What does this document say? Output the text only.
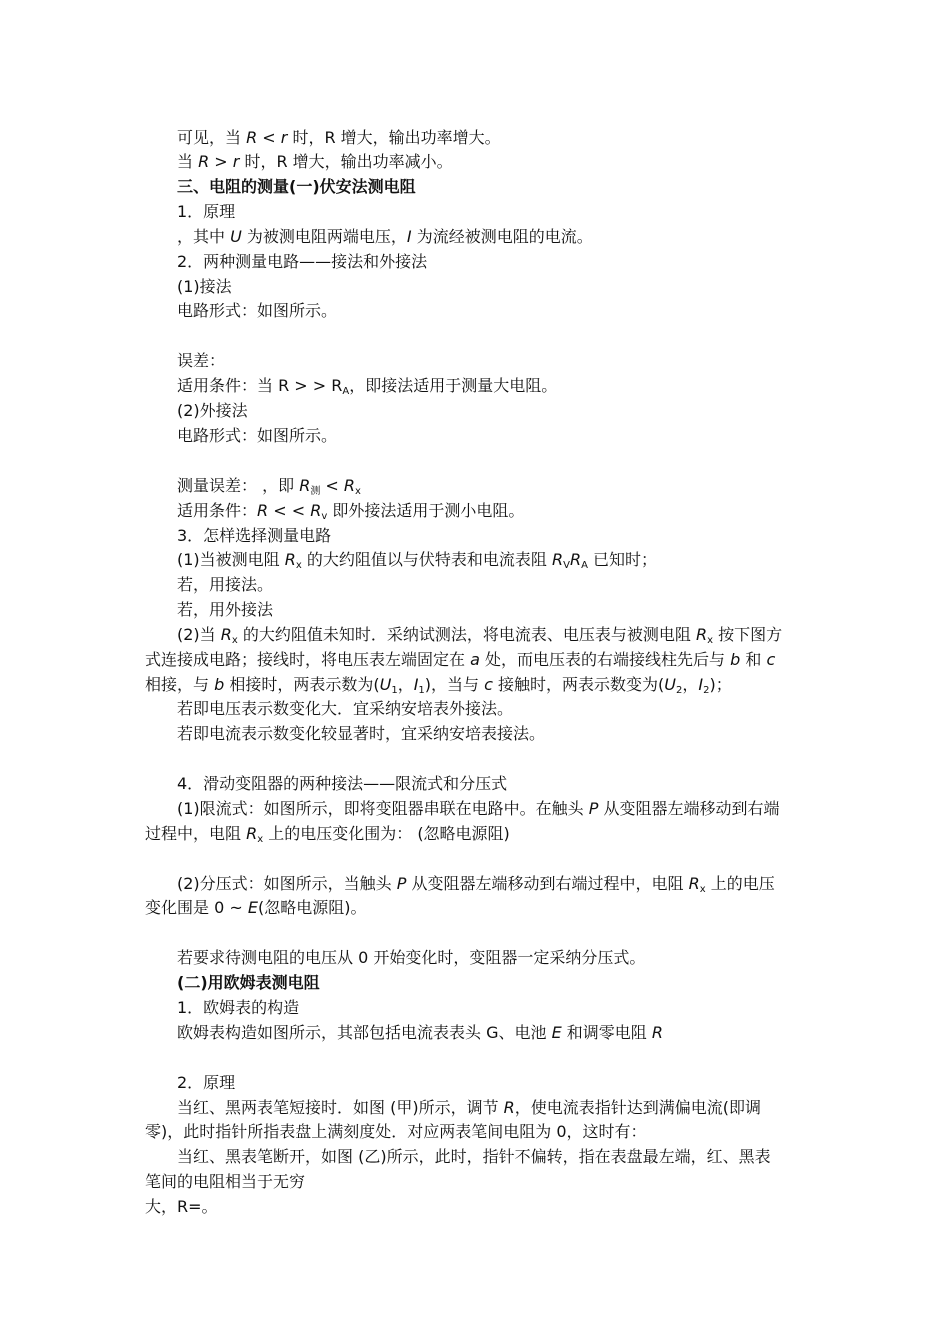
可见，当 R < r 时，R 增大，输出功率增大。
当 R > r 时，R 增大，输出功率减小。
三、电阻的测量(一)伏安法测电阻
1．原理
，其中 U 为被测电阻两端电压，I 为流经被测电阻的电流。
2．两种测量电路——接法和外接法
(1)接法
电路形式：如图所示。
误差：
适用条件：当 R > > $R_A$，即接法适用于测量大电阻。
(2)外接法
电路形式：如图所示。
测量误差： ，即 $R_测 < R_x$
适用条件：R < < $R_v$ 即外接法适用于测小电阻。
3．怎样选择测量电路
(1)当被测电阻 $R_x$ 的大约阻值以与伏特表和电流表阻 $R_VR_A$ 已知时；
若，用接法。
若，用外接法
(2)当 $R_x$ 的大约阻值未知时．采纳试测法，将电流表、电压表与被测电阻 $R_x$ 按下图方
式连接成电路；接线时，将电压表左端固定在 a 处，而电压表的右端接线柱先后与 b 和 c
相接，与 b 相接时，两表示数为($U_1$，$I_1$)，当与 c 接触时，两表示数变为($U_2$，$I_2$)；
若即电压表示数变化大．宜采纳安培表外接法。
若即电流表示数变化较显著时，宜采纳安培表接法。
4．滑动变阻器的两种接法——限流式和分压式
(1)限流式：如图所示，即将变阻器串联在电路中。在触头 P 从变阻器左端移动到右端
过程中，电阻 $R_x$ 上的电压变化围为： (忽略电源阻)
(2)分压式：如图所示，当触头 P 从变阻器左端移动到右端过程中，电阻 $R_x$ 上的电压
变化围是 0 ~ E(忽略电源阻)。
若要求待测电阻的电压从 0 开始变化时，变阻器一定采纳分压式。
(二)用欧姆表测电阻
1．欧姆表的构造
欧姆表构造如图所示，其部包括电流表表头 G、电池 E 和调零电阻 R
2．原理
当红、黑两表笔短接时．如图 (甲)所示，调节 R，使电流表指针达到满偏电流(即调
零)，此时指针所指表盘上满刻度处．对应两表笔间电阻为 0，这时有：
当红、黑表笔断开，如图 (乙)所示，此时，指针不偏转，指在表盘最左端，红、黑表
笔间的电阻相当于无穷
大，R=。
